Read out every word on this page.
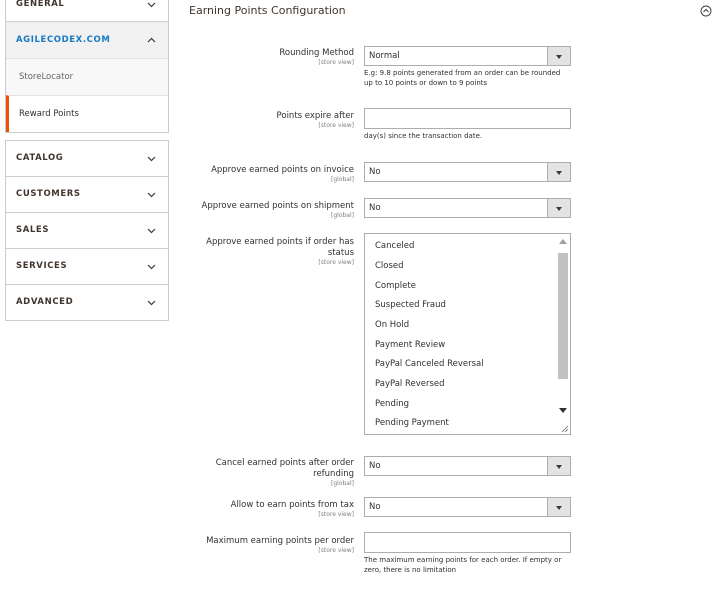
GENERAL
AGILECODEX.COM
StoreLocator
Reward Points
CATALOG
CUSTOMERS
SALES
SERVICES
ADVANCED
Earning Points Configuration
Rounding Method
[store view]
Normal
E.g: 9.8 points generated from an order can be rounded up to 10 points or down to 9 points
Points expire after
[store view]
day(s) since the transaction date.
Approve earned points on invoice
[global]
No
Approve earned points on shipment
[global]
No
Approve earned points if order has status
[store view]
Canceled
Closed
Complete
Suspected Fraud
On Hold
Payment Review
PayPal Canceled Reversal
PayPal Reversed
Pending
Pending Payment
Cancel earned points after order refunding
[global]
No
Allow to earn points from tax
[store view]
No
Maximum earning points per order
[store view]
The maximum earning points for each order. If empty or zero, there is no limitation
